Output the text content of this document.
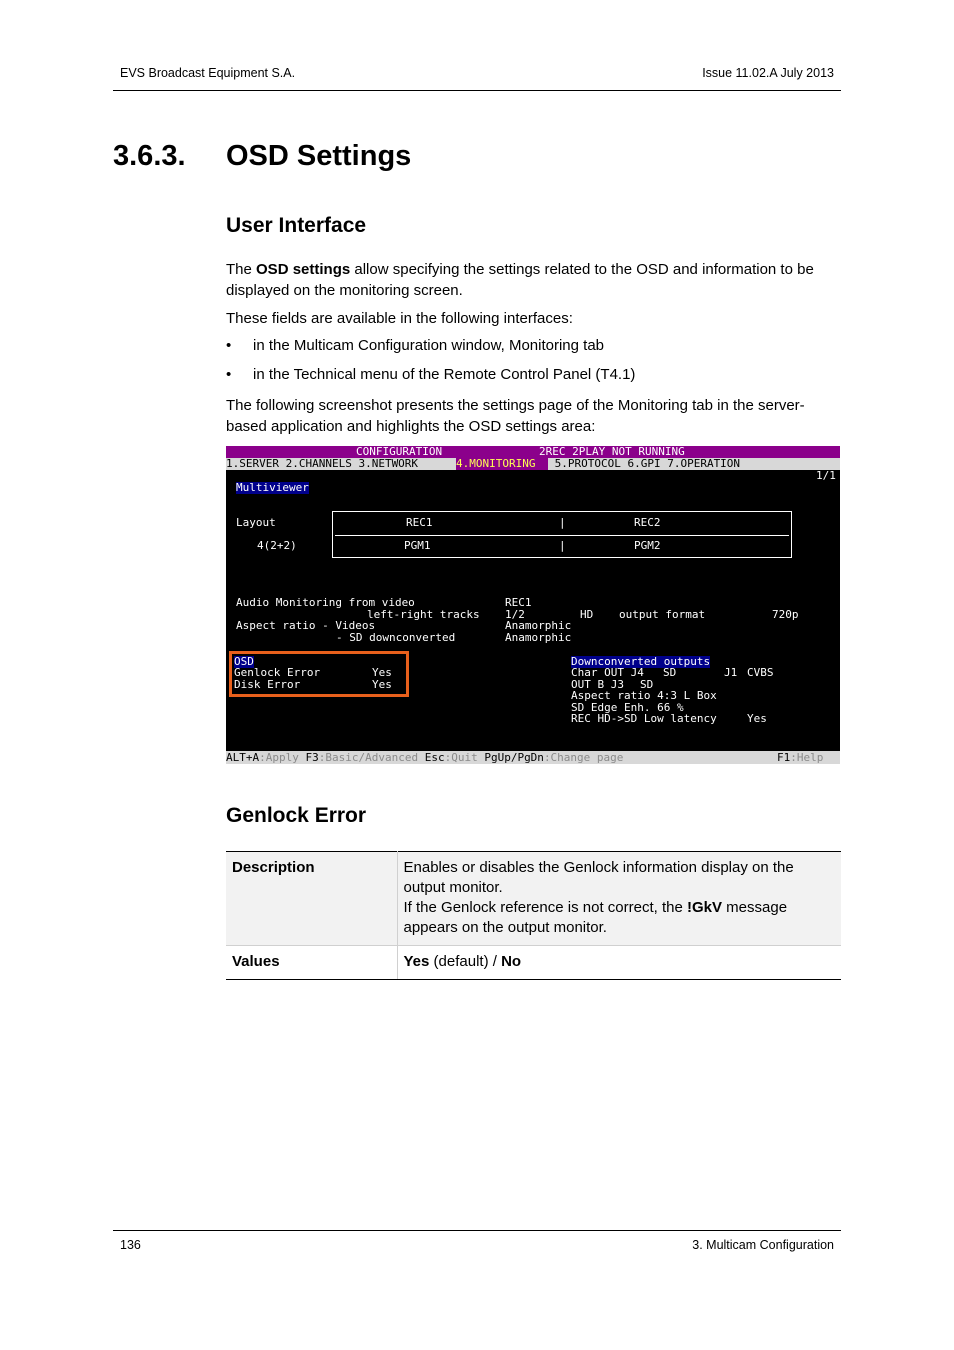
EVS Broadcast Equipment S.A.	Issue 11.02.A July 2013
3.6.3. OSD Settings
User Interface
The OSD settings allow specifying the settings related to the OSD and information to be displayed on the monitoring screen.
These fields are available in the following interfaces:
• in the Multicam Configuration window, Monitoring tab
• in the Technical menu of the Remote Control Panel (T4.1)
The following screenshot presents the settings page of the Monitoring tab in the server-based application and highlights the OSD settings area:
CONFIGURATION	2REC 2PLAY NOT RUNNING
1.SERVER 2.CHANNELS 3.NETWORK	4.MONITORING 5.PROTOCOL 6.GPI 7.OPERATION
1/1
Multiviewer
Layout
4(2+2)
REC1	|	REC2
PGM1	|	PGM2
Audio Monitoring from video	REC1
left-right tracks 1/2	HD output format	720p
Aspect ratio - Videos	Anamorphic
- SD downconverted	Anamorphic
OSD
Genlock Error	Yes
Disk Error	Yes
Downconverted outputs
Char OUT J4 SD	J1 CVBS
OUT B J3 SD
Aspect ratio 4:3 L Box
SD Edge Enh. 66 %
REC HD->SD Low latency	Yes
ALT+A:Apply F3:Basic/Advanced Esc:Quit PgUp/PgDn:Change page	F1:Help
Genlock Error
Description	Enables or disables the Genlock information display on the output monitor.
If the Genlock reference is not correct, the !GkV message appears on the output monitor.
Values	Yes (default) / No
136	3. Multicam Configuration
